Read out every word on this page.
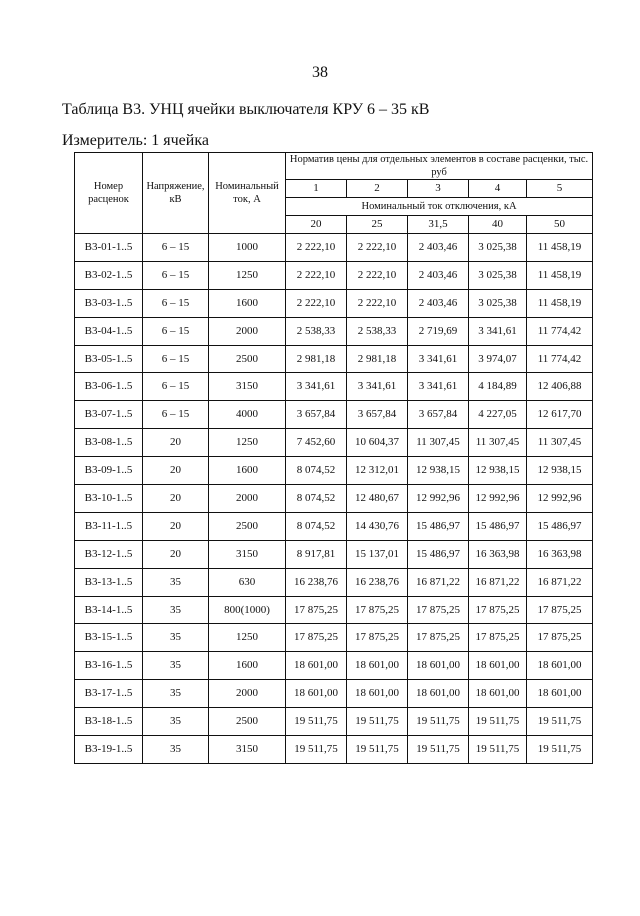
38
Таблица В3. УНЦ ячейки выключателя КРУ 6 – 35 кВ
Измеритель: 1 ячейка
Номер расценок	Напряжение, кВ	Номинальный ток, А	Норматив цены для отдельных элементов в составе расценки, тыс. руб				
			1	2	3	4	5
			Номинальный ток отключения, кА				
			20	25	31,5	40	50
В3-01-1..5	6 – 15	1000	2 222,10	2 222,10	2 403,46	3 025,38	11 458,19
В3-02-1..5	6 – 15	1250	2 222,10	2 222,10	2 403,46	3 025,38	11 458,19
В3-03-1..5	6 – 15	1600	2 222,10	2 222,10	2 403,46	3 025,38	11 458,19
В3-04-1..5	6 – 15	2000	2 538,33	2 538,33	2 719,69	3 341,61	11 774,42
В3-05-1..5	6 – 15	2500	2 981,18	2 981,18	3 341,61	3 974,07	11 774,42
В3-06-1..5	6 – 15	3150	3 341,61	3 341,61	3 341,61	4 184,89	12 406,88
В3-07-1..5	6 – 15	4000	3 657,84	3 657,84	3 657,84	4 227,05	12 617,70
В3-08-1..5	20	1250	7 452,60	10 604,37	11 307,45	11 307,45	11 307,45
В3-09-1..5	20	1600	8 074,52	12 312,01	12 938,15	12 938,15	12 938,15
В3-10-1..5	20	2000	8 074,52	12 480,67	12 992,96	12 992,96	12 992,96
В3-11-1..5	20	2500	8 074,52	14 430,76	15 486,97	15 486,97	15 486,97
В3-12-1..5	20	3150	8 917,81	15 137,01	15 486,97	16 363,98	16 363,98
В3-13-1..5	35	630	16 238,76	16 238,76	16 871,22	16 871,22	16 871,22
В3-14-1..5	35	800(1000)	17 875,25	17 875,25	17 875,25	17 875,25	17 875,25
В3-15-1..5	35	1250	17 875,25	17 875,25	17 875,25	17 875,25	17 875,25
В3-16-1..5	35	1600	18 601,00	18 601,00	18 601,00	18 601,00	18 601,00
В3-17-1..5	35	2000	18 601,00	18 601,00	18 601,00	18 601,00	18 601,00
В3-18-1..5	35	2500	19 511,75	19 511,75	19 511,75	19 511,75	19 511,75
В3-19-1..5	35	3150	19 511,75	19 511,75	19 511,75	19 511,75	19 511,75
